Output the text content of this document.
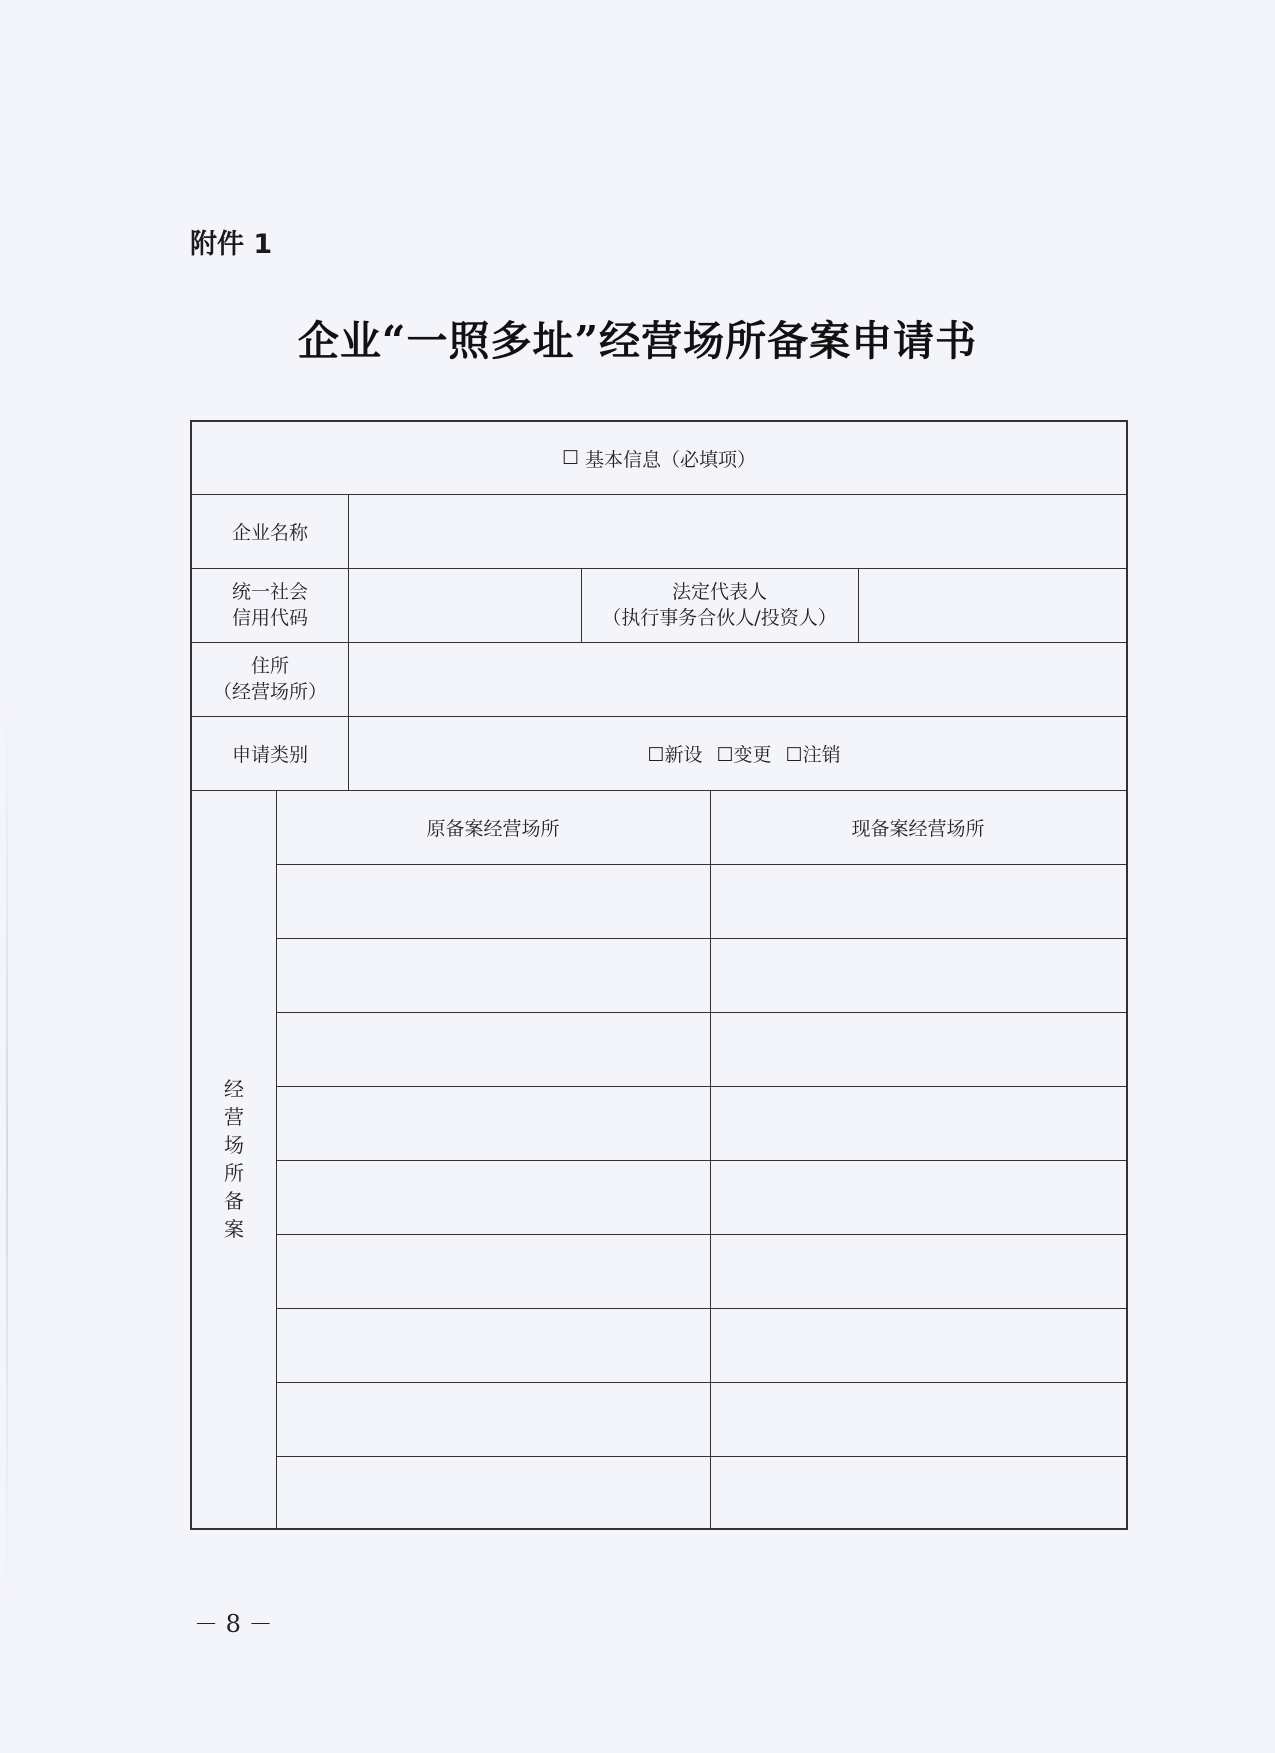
附件 1
企业“一照多址”经营场所备案申请书
☐ 基本信息（必填项）
企业名称
统一社会
信用代码
法定代表人
（执行事务合伙人/投资人）
住所
（经营场所）
申请类别	☐新设 ☐变更 ☐注销
经
营
场
所
备
案
原备案经营场所	现备案经营场所
－ 8 －
